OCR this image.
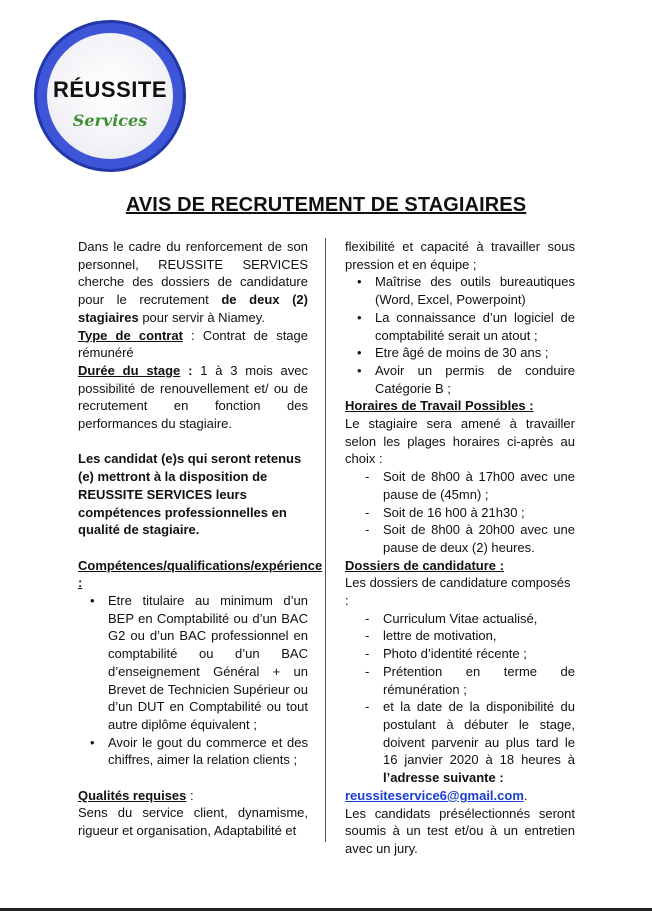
RÉUSSITE
Services
AVIS DE RECRUTEMENT DE STAGIAIRES

Dans le cadre du renforcement de son personnel, REUSSITE SERVICES cherche des dossiers de candidature pour le recrutement de deux (2) stagiaires pour servir à Niamey.

Type de contrat : Contrat de stage rémunéré

Durée du stage : 1 à 3 mois avec possibilité de renouvellement et/ ou de recrutement en fonction des performances du stagiaire.

Les candidat (e)s qui seront retenus (e) mettront à la disposition de REUSSITE SERVICES leurs compétences professionnelles en qualité de stagiaire.

Compétences/qualifications/expérience :

• Etre titulaire au minimum d’un BEP en Comptabilité ou d’un BAC G2 ou d’un BAC professionnel en comptabilité ou d’un BAC d’enseignement Général + un Brevet de Technicien Supérieur ou d’un DUT en Comptabilité ou tout autre diplôme équivalent ;
• Avoir le gout du commerce et des chiffres, aimer la relation clients ;

Qualités requises :

Sens du service client, dynamisme, rigueur et organisation, Adaptabilité et

flexibilité et capacité à travailler sous pression et en équipe ;

• Maîtrise des outils bureautiques (Word, Excel, Powerpoint)
• La connaissance d’un logiciel de comptabilité serait un atout ;
• Etre âgé de moins de 30 ans ;
• Avoir un permis de conduire Catégorie B ;

Horaires de Travail Possibles :

Le stagiaire sera amené à travailler selon les plages horaires ci-après au choix :

- Soit de 8h00 à 17h00 avec une pause de (45mn) ;
- Soit de 16 h00 à 21h30 ;
- Soit de 8h00 à 20h00 avec une pause de deux (2) heures.

Dossiers de candidature :

Les dossiers de candidature composés :

- Curriculum Vitae actualisé,
- lettre de motivation,
- Photo d’identité récente ;
- Prétention en terme de rémunération ;
- et la date de la disponibilité du postulant à débuter le stage, doivent parvenir au plus tard le 16 janvier 2020 à 18 heures à l’adresse suivante :

reussiteservice6@gmail.com.

Les candidats présélectionnés seront soumis à un test et/ou à un entretien avec un jury.
